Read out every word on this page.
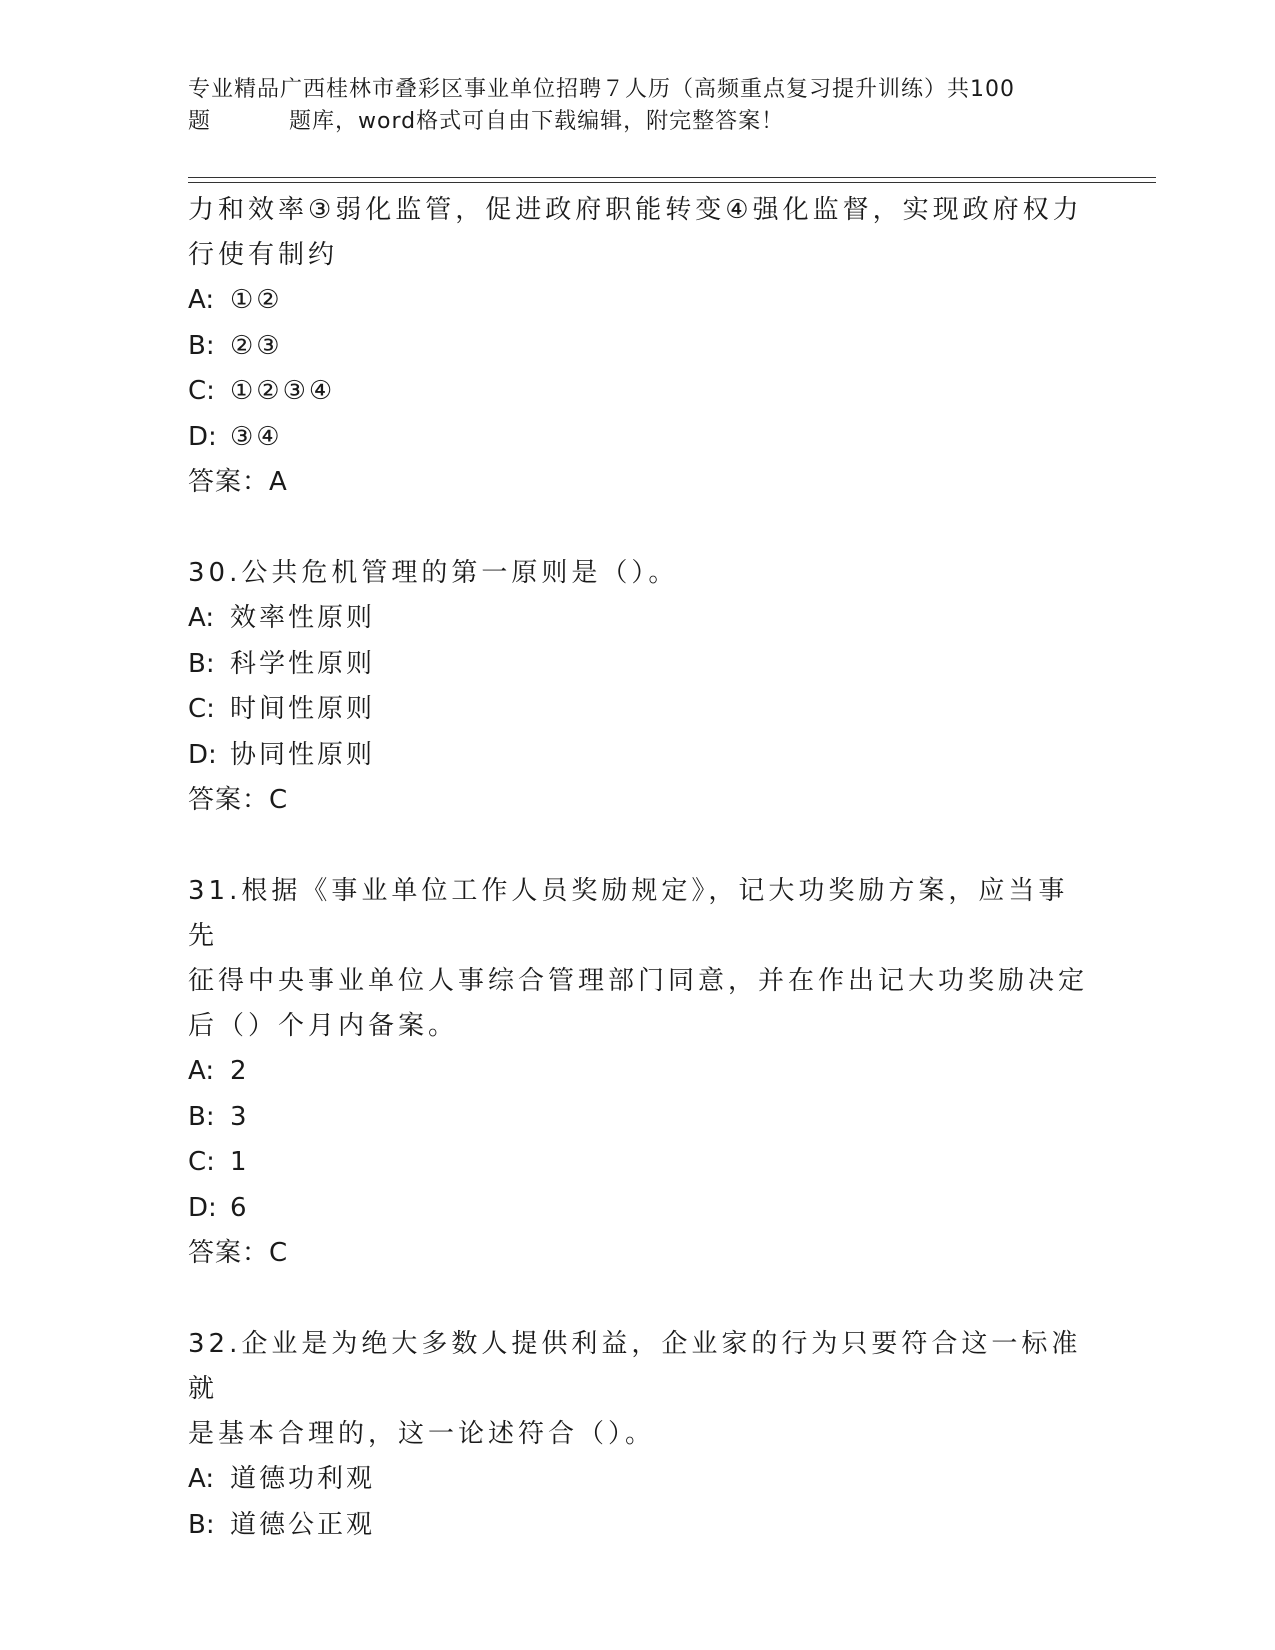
专业精品广西桂林市叠彩区事业单位招聘７人历（高频重点复习提升训练）共100
题	题库，word格式可自由下载编辑，附完整答案！

力和效率③弱化监管，促进政府职能转变④强化监督，实现政府权力

行使有制约

A: ①②
B: ②③
C: ①②③④
D: ③④

答案：A

30.公共危机管理的第一原则是（）。

A: 效率性原则
B: 科学性原则
C: 时间性原则
D: 协同性原则

答案：C

31.根据《事业单位工作人员奖励规定》，记大功奖励方案，应当事先

征得中央事业单位人事综合管理部门同意，并在作出记大功奖励决定

后（）个月内备案。

A: 2
B: 3
C: 1
D: 6

答案：C

32.企业是为绝大多数人提供利益，企业家的行为只要符合这一标准就

是基本合理的，这一论述符合（）。

A: 道德功利观
B: 道德公正观
